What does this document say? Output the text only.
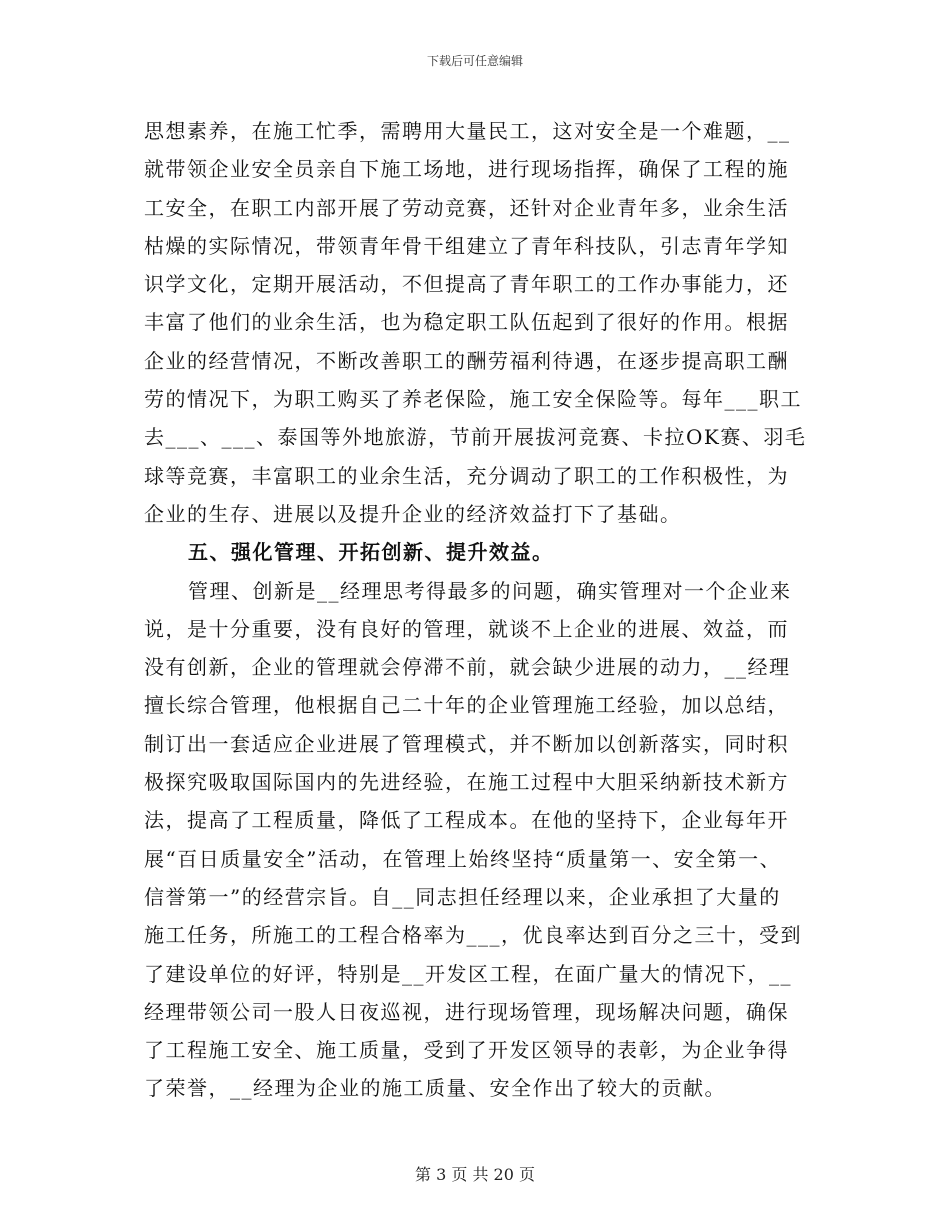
下载后可任意编辑
思想素养，在施工忙季，需聘用大量民工，这对安全是一个难题，__
就带领企业安全员亲自下施工场地，进行现场指挥，确保了工程的施
工安全，在职工内部开展了劳动竞赛，还针对企业青年多，业余生活
枯燥的实际情况，带领青年骨干组建立了青年科技队，引志青年学知
识学文化，定期开展活动，不但提高了青年职工的工作办事能力，还
丰富了他们的业余生活，也为稳定职工队伍起到了很好的作用。根据
企业的经营情况，不断改善职工的酬劳福利待遇，在逐步提高职工酬
劳的情况下，为职工购买了养老保险，施工安全保险等。每年___职工
去___、___、泰国等外地旅游，节前开展拔河竞赛、卡拉OK赛、羽毛
球等竞赛，丰富职工的业余生活，充分调动了职工的工作积极性，为
企业的生存、进展以及提升企业的经济效益打下了基础。
五、强化管理、开拓创新、提升效益。
管理、创新是__经理思考得最多的问题，确实管理对一个企业来
说，是十分重要，没有良好的管理，就谈不上企业的进展、效益，而
没有创新，企业的管理就会停滞不前，就会缺少进展的动力，__经理
擅长综合管理，他根据自己二十年的企业管理施工经验，加以总结，
制订出一套适应企业进展了管理模式，并不断加以创新落实，同时积
极探究吸取国际国内的先进经验，在施工过程中大胆采纳新技术新方
法，提高了工程质量，降低了工程成本。在他的坚持下，企业每年开
展“百日质量安全”活动，在管理上始终坚持“质量第一、安全第一、
信誉第一”的经营宗旨。自__同志担任经理以来，企业承担了大量的
施工任务，所施工的工程合格率为___，优良率达到百分之三十，受到
了建设单位的好评，特别是__开发区工程，在面广量大的情况下，__
经理带领公司一股人日夜巡视，进行现场管理，现场解决问题，确保
了工程施工安全、施工质量，受到了开发区领导的表彰，为企业争得
了荣誉，__经理为企业的施工质量、安全作出了较大的贡献。
第 3 页 共 20 页
